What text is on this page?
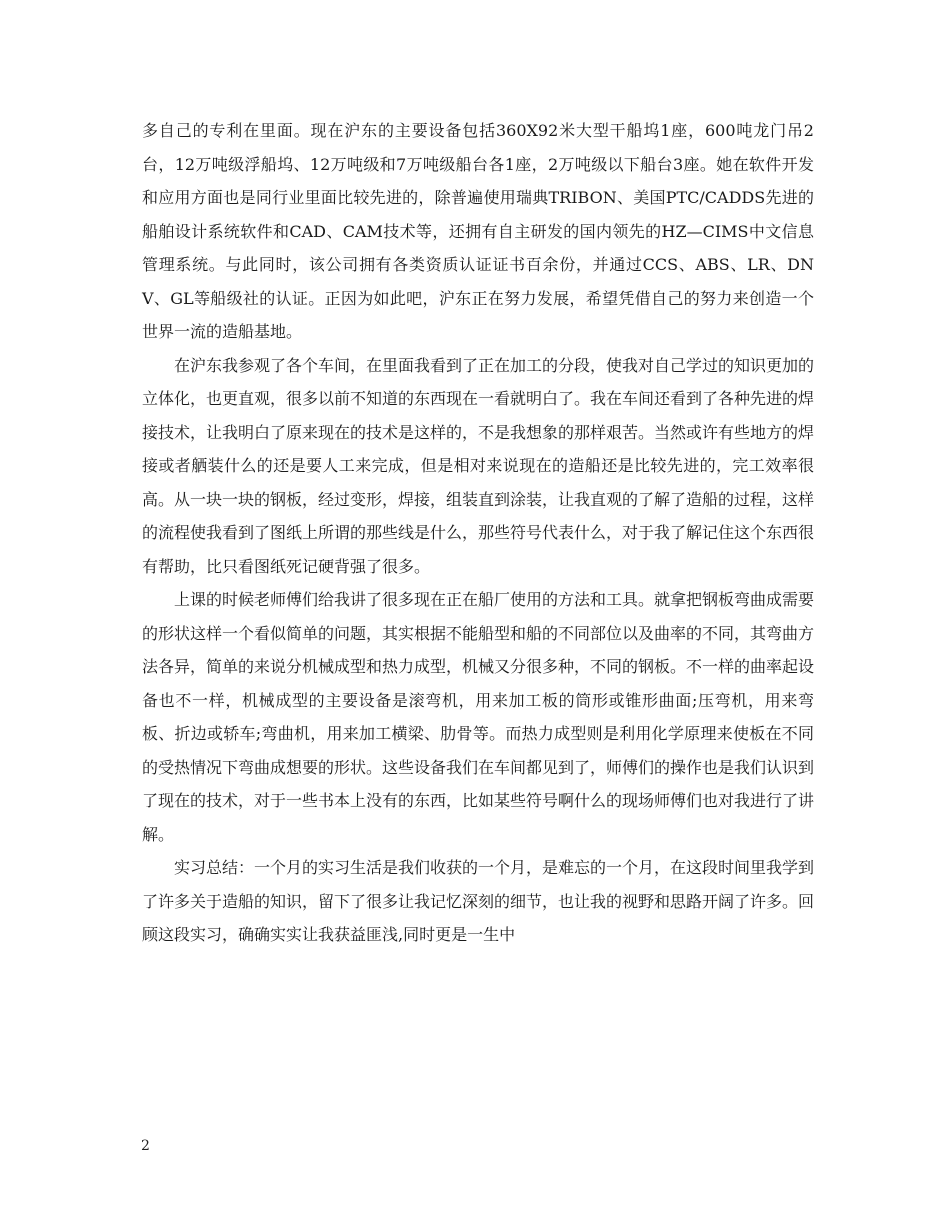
多自己的专利在里面。现在沪东的主要设备包括360X92米大型干船坞1座，600吨龙门吊2台，12万吨级浮船坞、12万吨级和7万吨级船台各1座，2万吨级以下船台3座。她在软件开发和应用方面也是同行业里面比较先进的，除普遍使用瑞典TRIBON、美国PTC/CADDS先进的船舶设计系统软件和CAD、CAM技术等，还拥有自主研发的国内领先的HZ—CIMS中文信息管理系统。与此同时，该公司拥有各类资质认证证书百余份，并通过CCS、ABS、LR、DNV、GL等船级社的认证。正因为如此吧，沪东正在努力发展，希望凭借自己的努力来创造一个世界一流的造船基地。

在沪东我参观了各个车间，在里面我看到了正在加工的分段，使我对自己学过的知识更加的立体化，也更直观，很多以前不知道的东西现在一看就明白了。我在车间还看到了各种先进的焊接技术，让我明白了原来现在的技术是这样的，不是我想象的那样艰苦。当然或许有些地方的焊接或者舾装什么的还是要人工来完成，但是相对来说现在的造船还是比较先进的，完工效率很高。从一块一块的钢板，经过变形，焊接，组装直到涂装，让我直观的了解了造船的过程，这样的流程使我看到了图纸上所谓的那些线是什么，那些符号代表什么，对于我了解记住这个东西很有帮助，比只看图纸死记硬背强了很多。

上课的时候老师傅们给我讲了很多现在正在船厂使用的方法和工具。就拿把钢板弯曲成需要的形状这样一个看似简单的问题，其实根据不能船型和船的不同部位以及曲率的不同，其弯曲方法各异，简单的来说分机械成型和热力成型，机械又分很多种，不同的钢板。不一样的曲率起设备也不一样，机械成型的主要设备是滚弯机，用来加工板的筒形或锥形曲面;压弯机，用来弯板、折边或轿车;弯曲机，用来加工横梁、肋骨等。而热力成型则是利用化学原理来使板在不同的受热情况下弯曲成想要的形状。这些设备我们在车间都见到了，师傅们的操作也是我们认识到了现在的技术，对于一些书本上没有的东西，比如某些符号啊什么的现场师傅们也对我进行了讲解。

实习总结：一个月的实习生活是我们收获的一个月，是难忘的一个月，在这段时间里我学到了许多关于造船的知识，留下了很多让我记忆深刻的细节，也让我的视野和思路开阔了许多。回顾这段实习，确确实实让我获益匪浅,同时更是一生中

2
